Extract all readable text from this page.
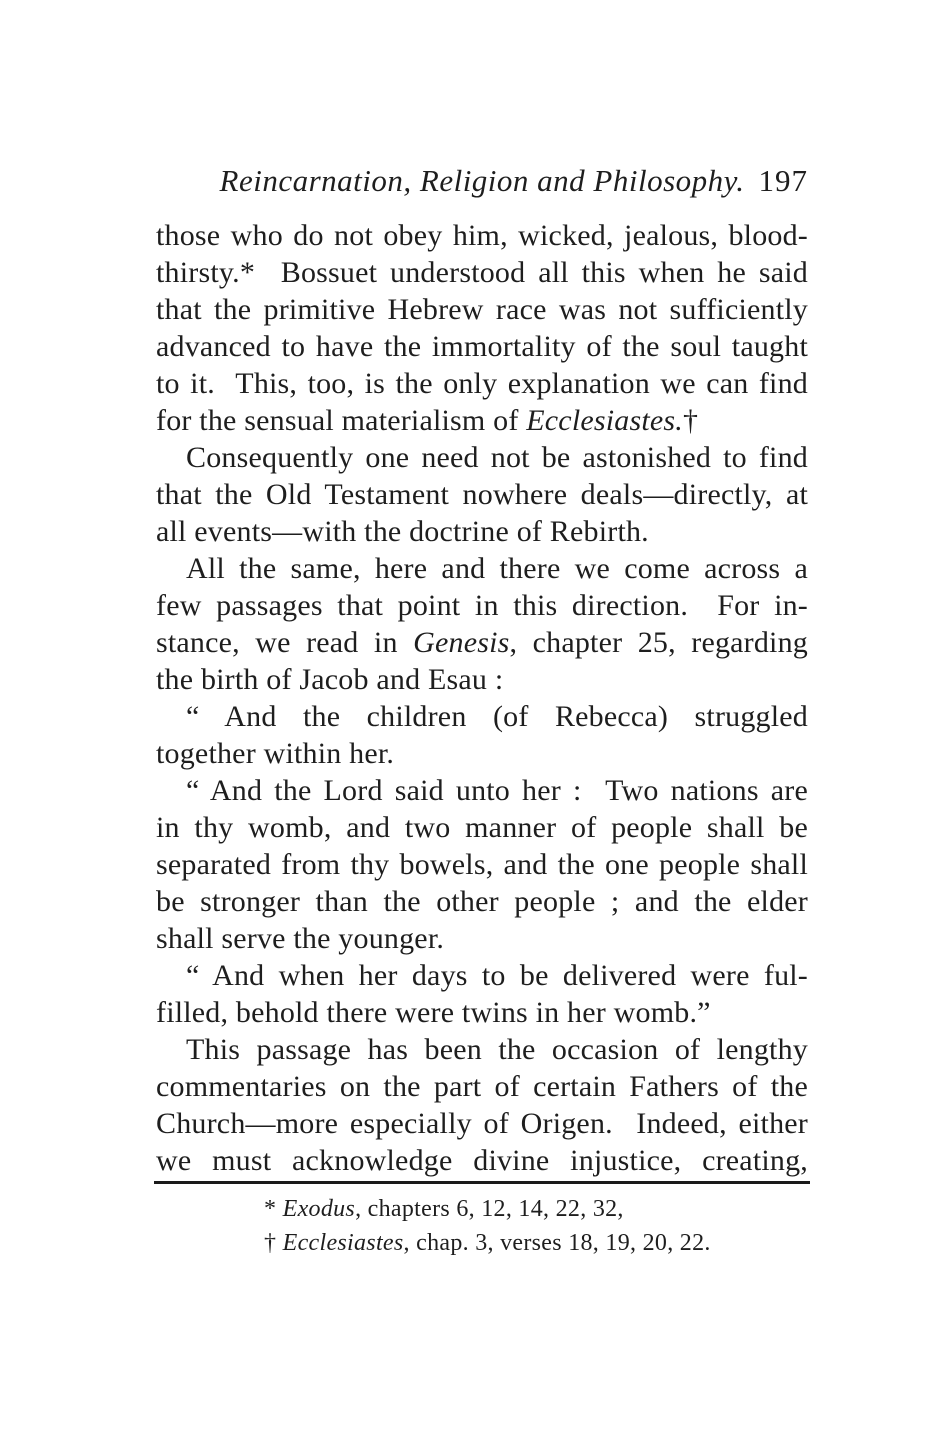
Reincarnation, Religion and Philosophy. 197
those who do not obey him, wicked, jealous, blood-
thirsty.*  Bossuet understood all this when he said
that the primitive Hebrew race was not sufficiently
advanced to have the immortality of the soul taught
to it.  This, too, is the only explanation we can find
for the sensual materialism of Ecclesiastes.†
Consequently one need not be astonished to find
that the Old Testament nowhere deals—directly, at
all events—with the doctrine of Rebirth.
All the same, here and there we come across a
few passages that point in this direction.  For in-
stance, we read in Genesis, chapter 25, regarding
the birth of Jacob and Esau :
“ And the children (of Rebecca) struggled
together within her.
“ And the Lord said unto her :  Two nations are
in thy womb, and two manner of people shall be
separated from thy bowels, and the one people shall
be stronger than the other people ; and the elder
shall serve the younger.
“ And when her days to be delivered were ful-
filled, behold there were twins in her womb.”
This passage has been the occasion of lengthy
commentaries on the part of certain Fathers of the
Church—more especially of Origen.  Indeed, either
we must acknowledge divine injustice, creating,
* Exodus, chapters 6, 12, 14, 22, 32,
† Ecclesiastes, chap. 3, verses 18, 19, 20, 22.
